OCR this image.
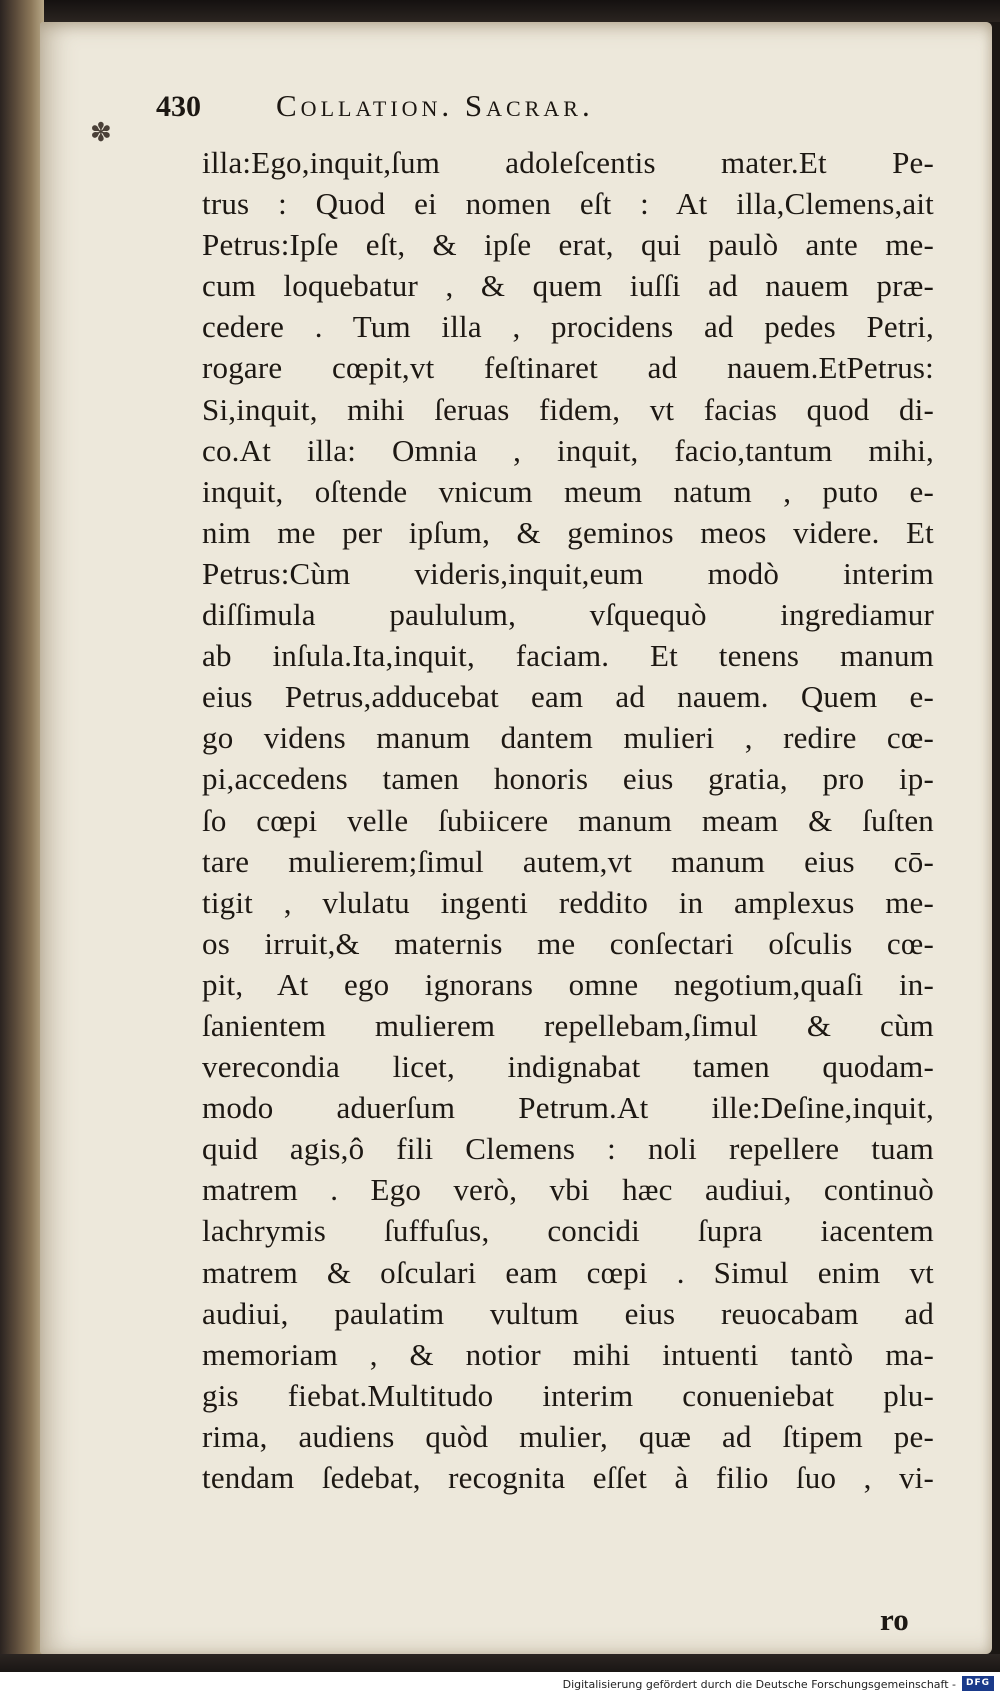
✽
430	Collation. Sacrar.
illa:Ego,inquit,ſum adoleſcentis mater.Et Pe-
trus : Quod ei nomen eſt : At illa,Clemens,ait
Petrus:Ipſe eſt, & ipſe erat, qui paulò ante me-
cum loquebatur , & quem iuſſi ad nauem præ-
cedere . Tum illa , procidens ad pedes Petri,
rogare cœpit,vt feſtinaret ad nauem.EtPetrus:
Si,inquit, mihi ſeruas fidem, vt facias quod di-
co.At illa: Omnia , inquit, facio,tantum mihi,
inquit, oſtende vnicum meum natum , puto e-
nim me per ipſum, & geminos meos videre. Et
Petrus:Cùm videris,inquit,eum modò interim
diſſimula paululum, vſquequò ingrediamur
ab inſula.Ita,inquit, faciam. Et tenens manum
eius Petrus,adducebat eam ad nauem. Quem e-
go videns manum dantem mulieri , redire cœ-
pi,accedens tamen honoris eius gratia, pro ip-
ſo cœpi velle ſubiicere manum meam & ſuſten
tare mulierem;ſimul autem,vt manum eius cō-
tigit , vlulatu ingenti reddito in amplexus me-
os irruit,& maternis me conſectari oſculis cœ-
pit, At ego ignorans omne negotium,quaſi in-
ſanientem mulierem repellebam,ſimul & cùm
verecondia licet, indignabat tamen quodam-
modo aduerſum Petrum.At ille:Deſine,inquit,
quid agis,ô fili Clemens : noli repellere tuam
matrem . Ego verò, vbi hæc audiui, continuò
lachrymis ſuffuſus, concidi ſupra iacentem
matrem & oſculari eam cœpi . Simul enim vt
audiui, paulatim vultum eius reuocabam ad
memoriam , & notior mihi intuenti tantò ma-
gis fiebat.Multitudo interim conueniebat plu-
rima, audiens quòd mulier, quæ ad ſtipem pe-
tendam ſedebat, recognita eſſet à filio ſuo , vi-
ro
Digitalisierung gefördert durch die Deutsche Forschungsgemeinschaft -	DFG
